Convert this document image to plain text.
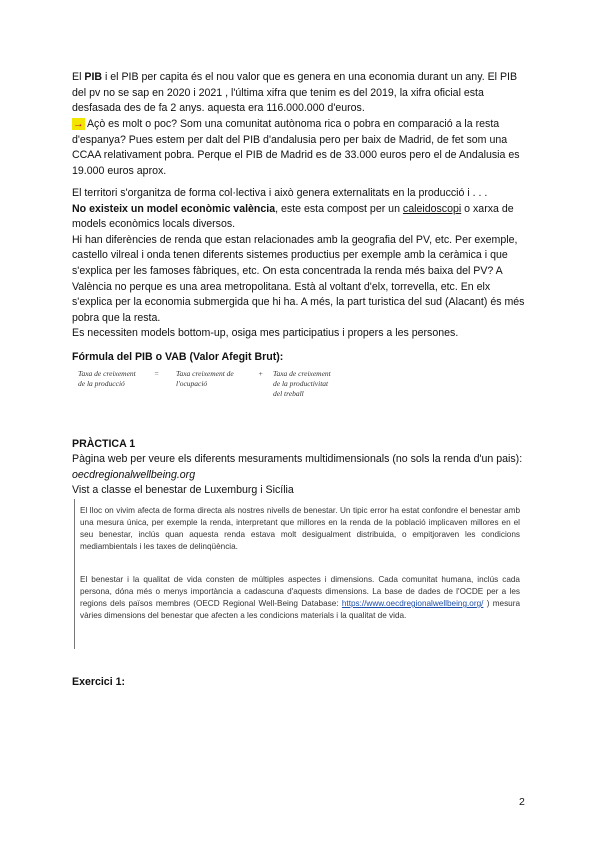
El PIB i el PIB per capita és el nou valor que es genera en una economia durant un any. El PIB del pv no se sap en 2020 i 2021 , l'última xifra que tenim es del 2019, la xifra oficial esta desfasada des de fa 2 anys. aquesta era 116.000.000 d'euros.

→ Açò es molt o poc? Som una comunitat autònoma rica o pobra en comparació a la resta d'espanya? Pues estem per dalt del PIB d'andalusia pero per baix de Madrid, de fet som una CCAA relativament pobra. Perque el PIB de Madrid es de 33.000 euros pero el de Andalusia es 19.000 euros aprox.

El territori s'organitza de forma col·lectiva i això genera externalitats en la producció i . . .
No existeix un model econòmic valència, este esta compost per un caleidoscopi o xarxa de models econòmics locals diversos.
Hi han diferències de renda que estan relacionades amb la geografia del PV, etc. Per exemple, castello vilreal i onda tenen diferents sistemes productius per exemple amb la ceràmica i que s'explica per les famoses fàbriques, etc. On esta concentrada la renda més baixa del PV? A València no perque es una area metropolitana. Està al voltant d'elx, torrevella, etc. En elx s'explica per la economia submergida que hi ha. A més, la part turistica del sud (Alacant) és més pobra que la resta.
Es necessiten models bottom-up, osiga mes participatius i propers a les persones.

Fórmula del PIB o VAB (Valor Afegit Brut):

Taxa de creixement
de la producció
= Taxa creixement de
l'ocupació
+ Taxa de creixement
de la productivitat
del treball

PRÀCTICA 1

Pàgina web per veure els diferents mesuraments multidimensionals (no sols la renda d'un pais): oecdregionalwellbeing.org
Vist a classe el benestar de Luxemburg i Sicília

El lloc on vivim afecta de forma directa als nostres nivells de benestar. Un tipic error ha estat confondre el benestar amb una mesura única, per exemple la renda, interpretant que millores en la renda de la població implicaven millores en el seu benestar, inclús quan aquesta renda estava molt desigualment distribuida, o empitjoraven les condicions mediambientals i les taxes de delinqüència.

El benestar i la qualitat de vida consten de múltiples aspectes i dimensions. Cada comunitat humana, inclús cada persona, dóna més o menys importància a cadascuna d'aquests dimensions. La base de dades de l'OCDE per a les regions dels països membres (OECD Regional Well-Being Database: https://www.oecdregionalwellbeing.org/ ) mesura vàries dimensions del benestar que afecten a les condicions materials i la qualitat de vida.

Exercici 1:

2
